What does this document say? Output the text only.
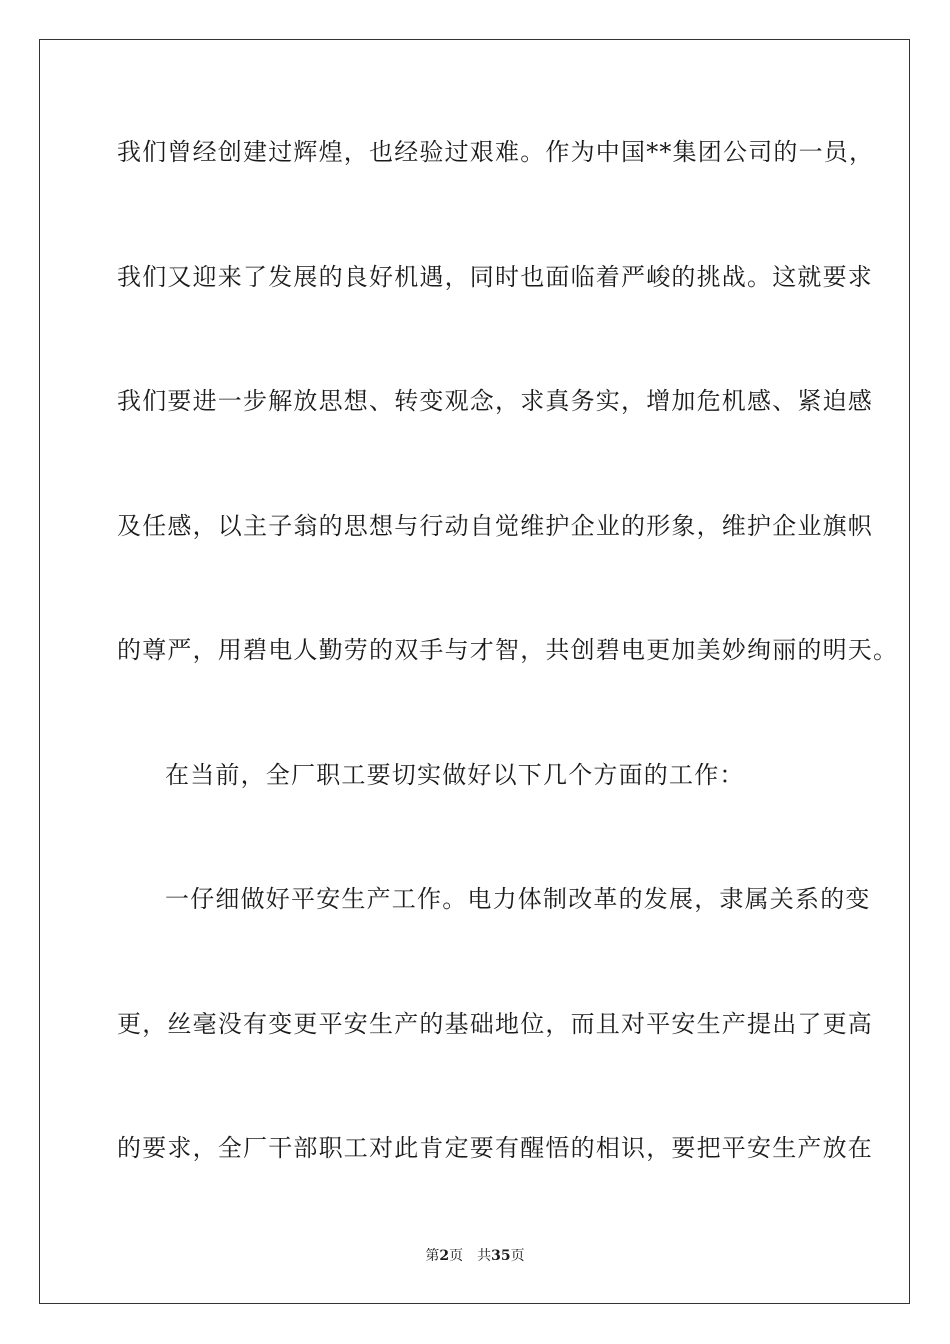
我们曾经创建过辉煌，也经验过艰难。作为中国**集团公司的一员，
我们又迎来了发展的良好机遇，同时也面临着严峻的挑战。这就要求
我们要进一步解放思想、转变观念，求真务实，增加危机感、紧迫感
及任感，以主子翁的思想与行动自觉维护企业的形象，维护企业旗帜
的尊严，用碧电人勤劳的双手与才智，共创碧电更加美妙绚丽的明天。
在当前，全厂职工要切实做好以下几个方面的工作：
一仔细做好平安生产工作。电力体制改革的发展，隶属关系的变
更，丝毫没有变更平安生产的基础地位，而且对平安生产提出了更高
的要求，全厂干部职工对此肯定要有醒悟的相识，要把平安生产放在
第2页 共35页
